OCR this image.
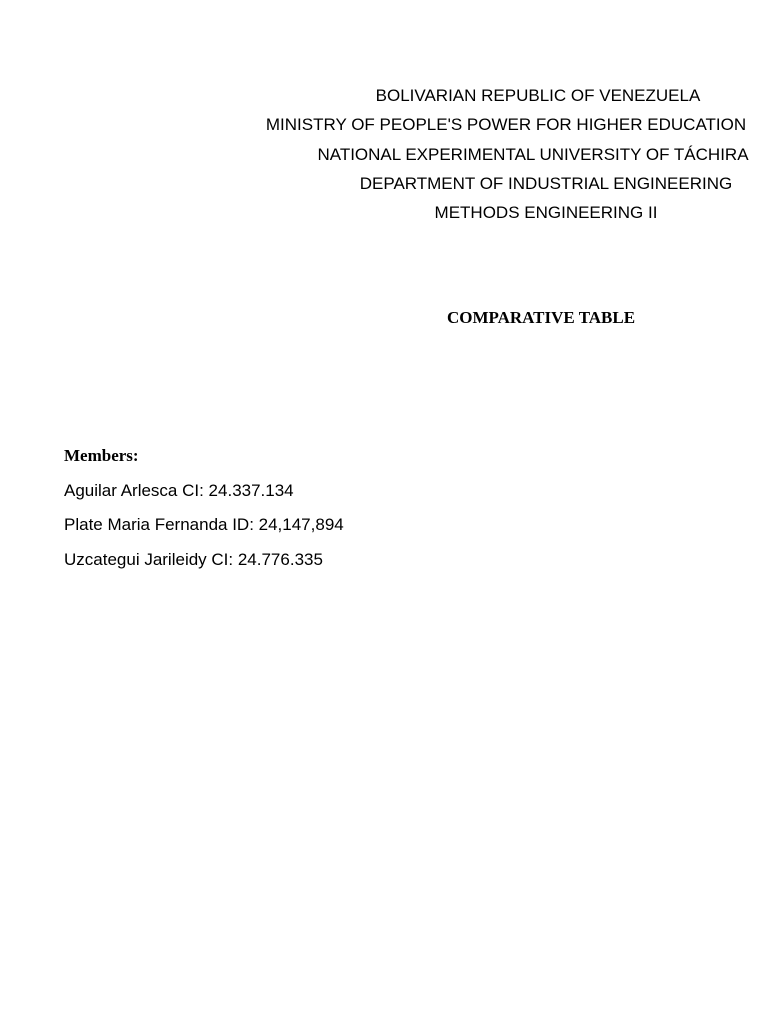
BOLIVARIAN REPUBLIC OF VENEZUELA
MINISTRY OF PEOPLE'S POWER FOR HIGHER EDUCATION
NATIONAL EXPERIMENTAL UNIVERSITY OF TÁCHIRA
DEPARTMENT OF INDUSTRIAL ENGINEERING
METHODS ENGINEERING II
COMPARATIVE TABLE
Members:
Aguilar Arlesca CI: 24.337.134
Plate Maria Fernanda ID: 24,147,894
Uzcategui Jarileidy CI: 24.776.335
